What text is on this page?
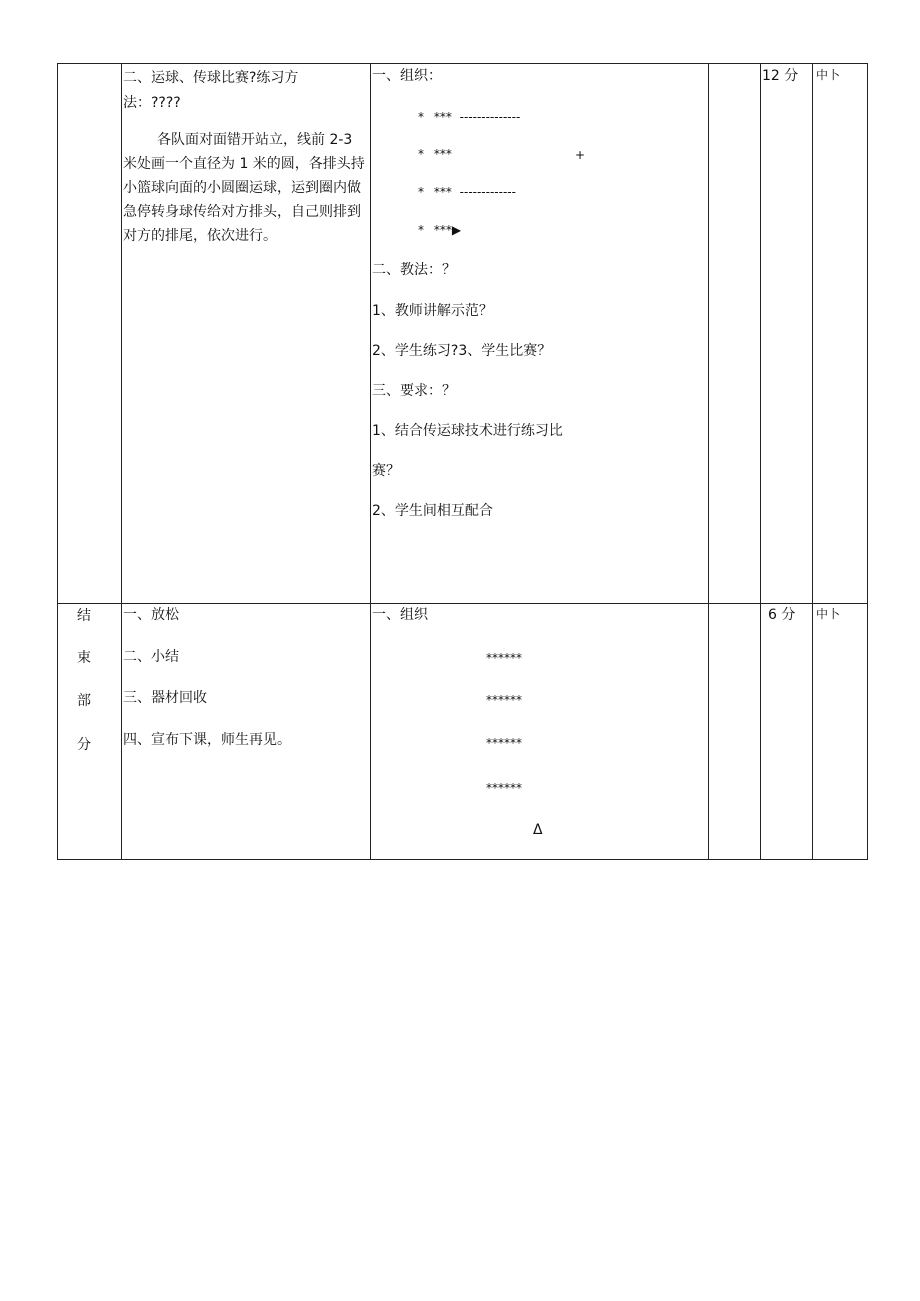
二、运球、传球比赛?练习方
法：????
各队面对面错开站立，线前 2-3 米处画一个直径为 1 米的圆，各排头持小篮球向面的小圆圈运球，运到圈内做急停转身球传给对方排头，自己则排到对方的排尾，依次进行。
一、组织：
* *** --------------
* ***	+
* *** -------------
* ***▶
二、教法：？
1、教师讲解示范？
2、学生练习?3、学生比赛？
三、要求：？
1、结合传运球技术进行练习比
赛？
2、学生间相互配合
12 分 中卜
结
束
部
分
一、放松
二、小结
三、器材回收
四、宣布下课，师生再见。
一、组织
******
******
******
******
Δ
6 分 中卜
